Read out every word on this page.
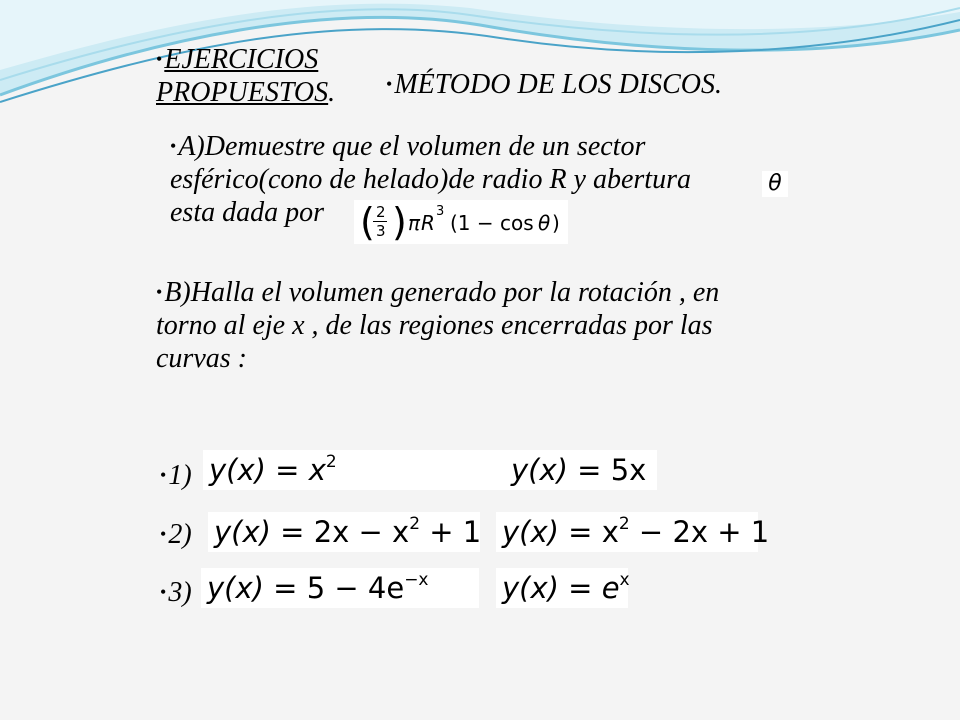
•EJERCICIOS
PROPUESTOS.	•MÉTODO DE LOS DISCOS.
•A)Demuestre que el volumen de un sector
esférico(cono de helado)de radio R y abertura
esta dada por
θ
( 2
3 ) π R 3 (1 − cos θ )
•B)Halla el volumen generado por la rotación , en
torno al eje x , de las regiones encerradas por las
curvas :
•1) $y(x) = x^2$	y(x) = 5x
•2) $y(x) = 2x - x^2 + 1$ $y(x) = x^2 - 2x + 1$
•3) $y(x) = 5 - 4e^{-x}$	$y(x) = e^x$
